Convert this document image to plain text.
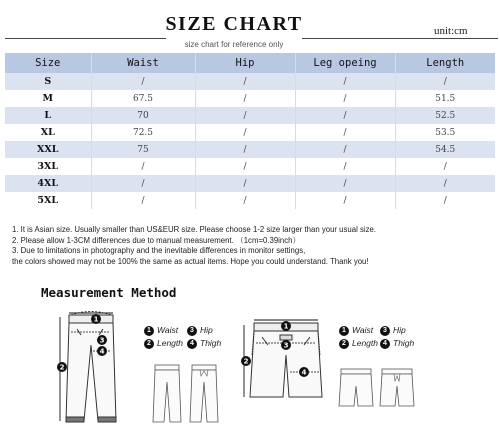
SIZE CHART
size chart for reference only
unit:cm
Size	Waist	Hip	Leg opeing	Length
S	/	/	/	/
M	67.5	/	/	51.5
L	70	/	/	52.5
XL	72.5	/	/	53.5
XXL	75	/	/	54.5
3XL	/	/	/	/
4XL	/	/	/	/
5XL	/	/	/	/
1. It is Asian size. Usually smaller than US&EUR size. Please choose 1-2 size larger than your usual size.
2. Please allow 1-3CM differences due to manual measurement. （1cm=0.39inch）
3. Due to limitations in photography and the inevitable differences in monitor settings,
the colors showed may not be 100% the same as actual items. Hope you could understand. Thank you!
Measurement Method
1
2
3
4
1 Waist	3 Hip
2 Length	4 Thigh
1
2
3
4
1 Waist	3 Hip
2 Length 4 Thigh
